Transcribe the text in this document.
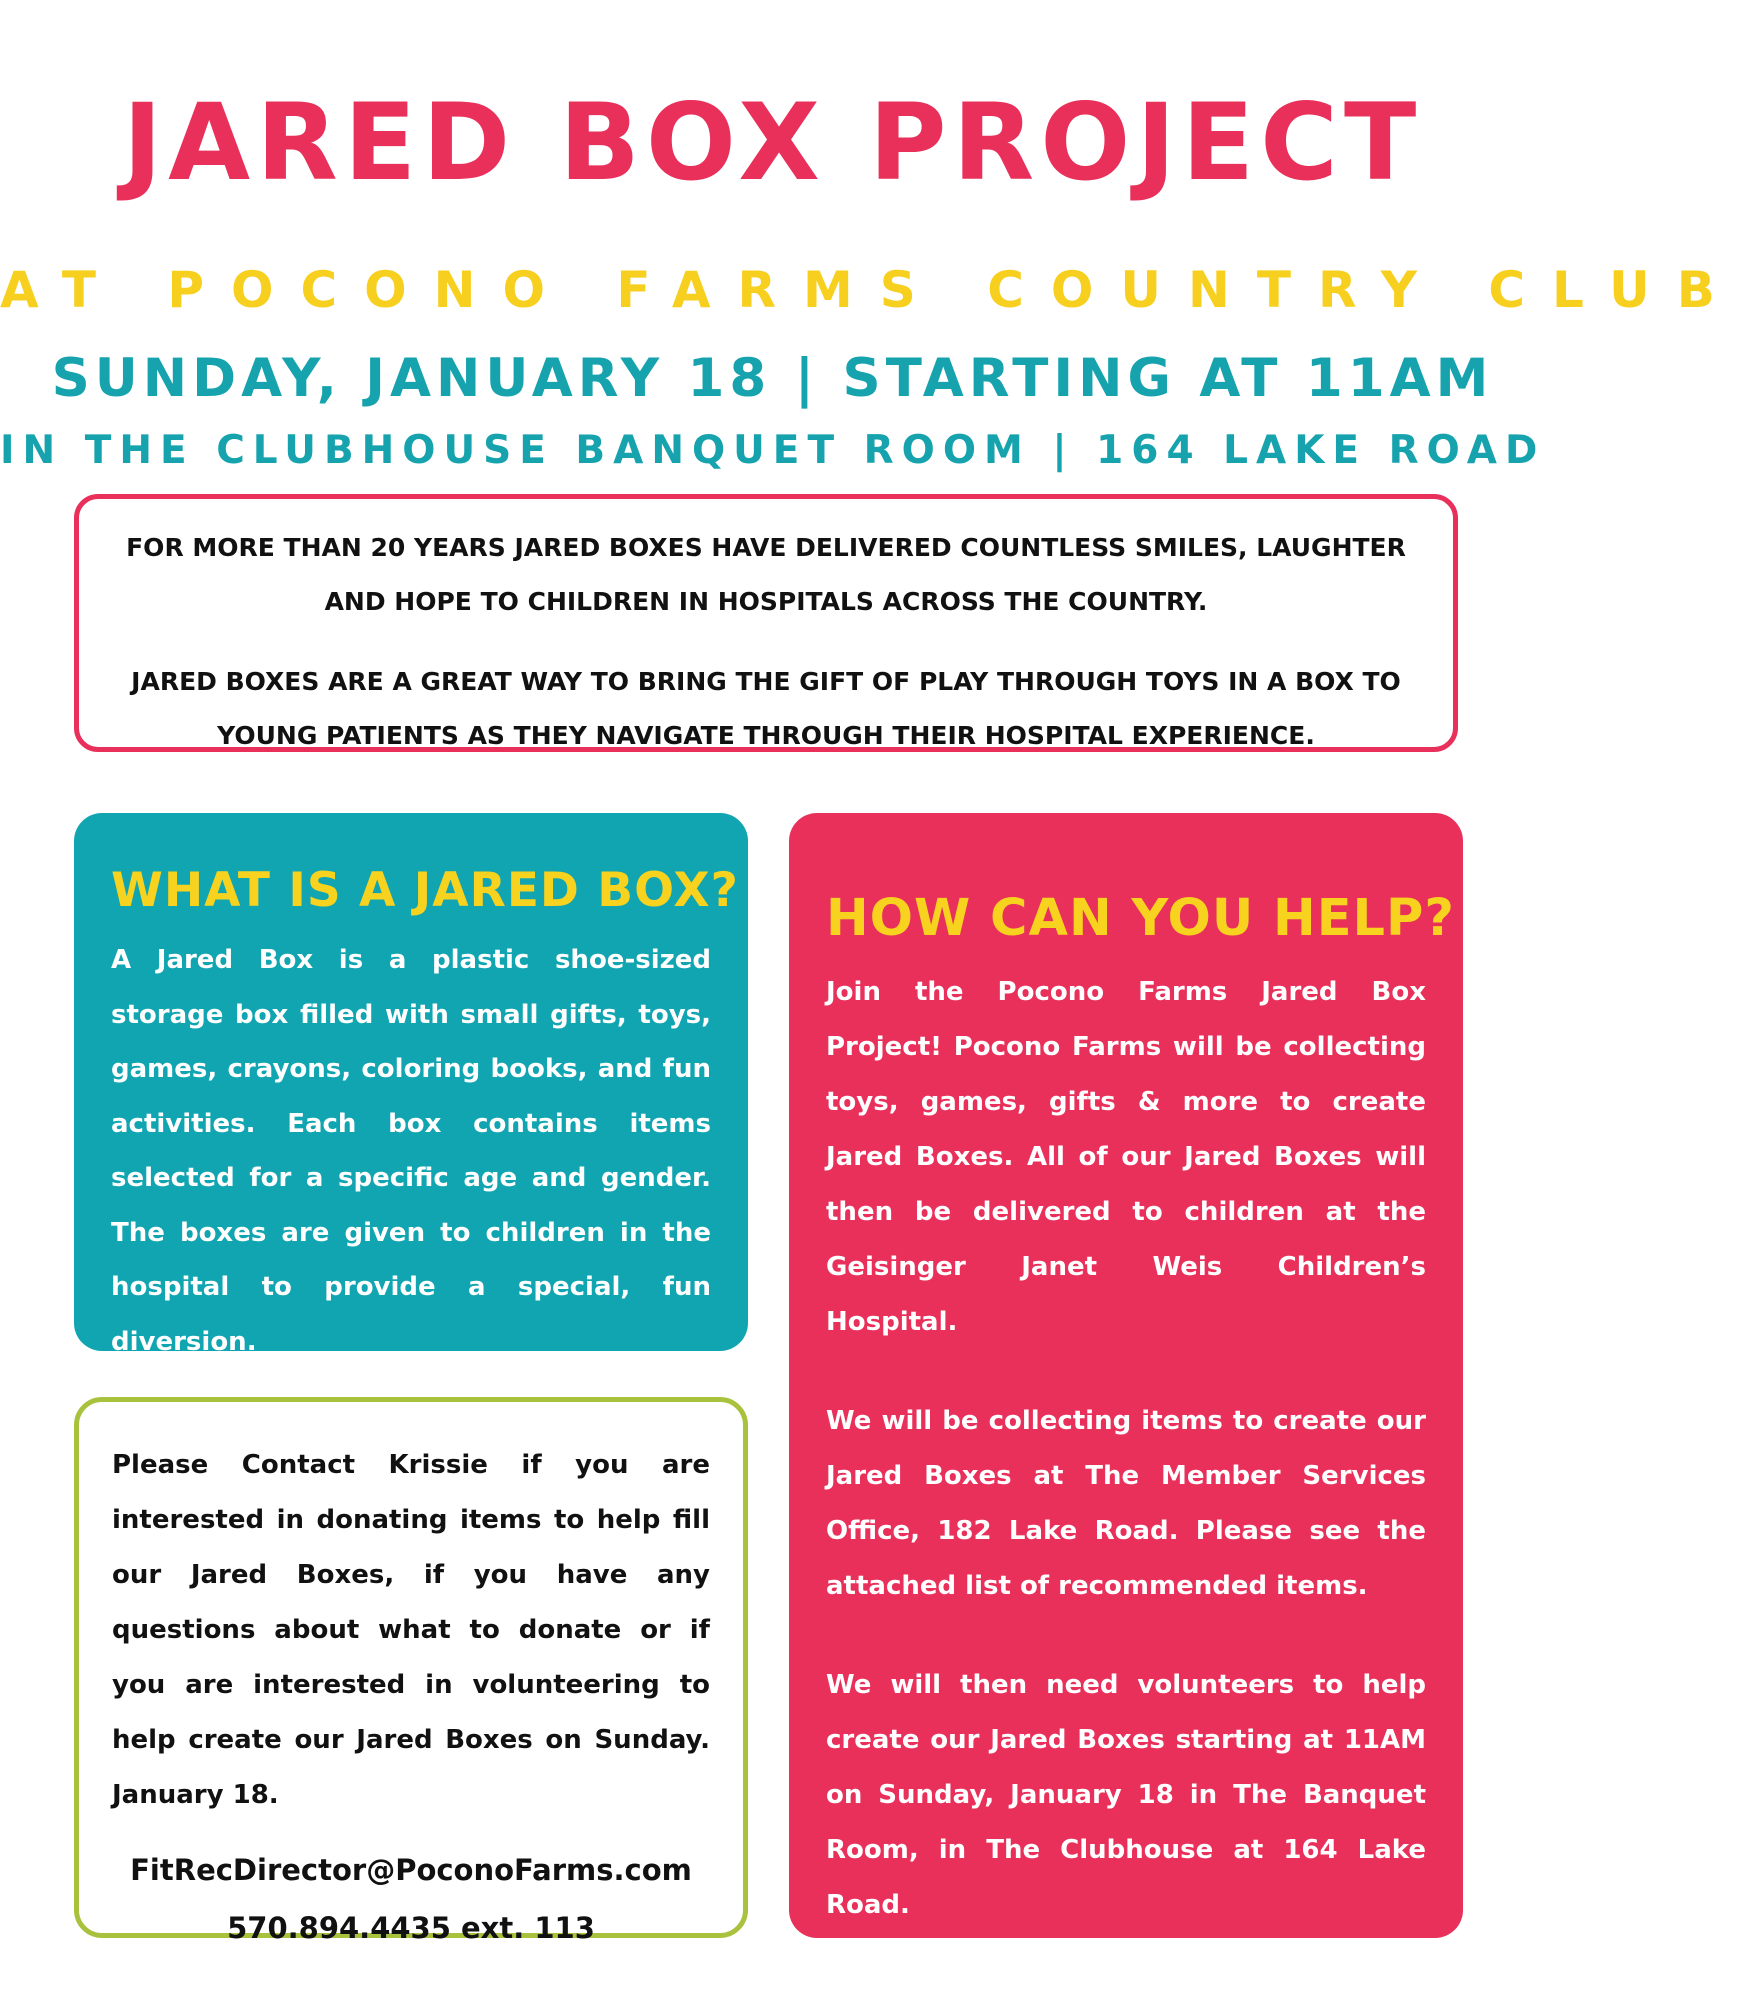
JARED BOX PROJECT
AT POCONO FARMS COUNTRY CLUB
SUNDAY, JANUARY 18 | STARTING AT 11AM
IN THE CLUBHOUSE BANQUET ROOM | 164 LAKE ROAD

FOR MORE THAN 20 YEARS JARED BOXES HAVE DELIVERED COUNTLESS SMILES, LAUGHTER AND HOPE TO CHILDREN IN HOSPITALS ACROSS THE COUNTRY.

JARED BOXES ARE A GREAT WAY TO BRING THE GIFT OF PLAY THROUGH TOYS IN A BOX TO YOUNG PATIENTS AS THEY NAVIGATE THROUGH THEIR HOSPITAL EXPERIENCE.

WHAT IS A JARED BOX?

A Jared Box is a plastic shoe-sized storage box filled with small gifts, toys, games, crayons, coloring books, and fun activities. Each box contains items selected for a specific age and gender. The boxes are given to children in the hospital to provide a special, fun diversion.

Please Contact Krissie if you are interested in donating items to help fill our Jared Boxes, if you have any questions about what to donate or if you are interested in volunteering to help create our Jared Boxes on Sunday. January 18.

FitRecDirector@PoconoFarms.com
570.894.4435 ext. 113
HOW CAN YOU HELP?

Join the Pocono Farms Jared Box Project! Pocono Farms will be collecting toys, games, gifts & more to create Jared Boxes. All of our Jared Boxes will then be delivered to children at the Geisinger Janet Weis Children’s Hospital.

We will be collecting items to create our Jared Boxes at The Member Services Office, 182 Lake Road. Please see the attached list of recommended items.

We will then need volunteers to help create our Jared Boxes starting at 11AM on Sunday, January 18 in The Banquet Room, in The Clubhouse at 164 Lake Road.
